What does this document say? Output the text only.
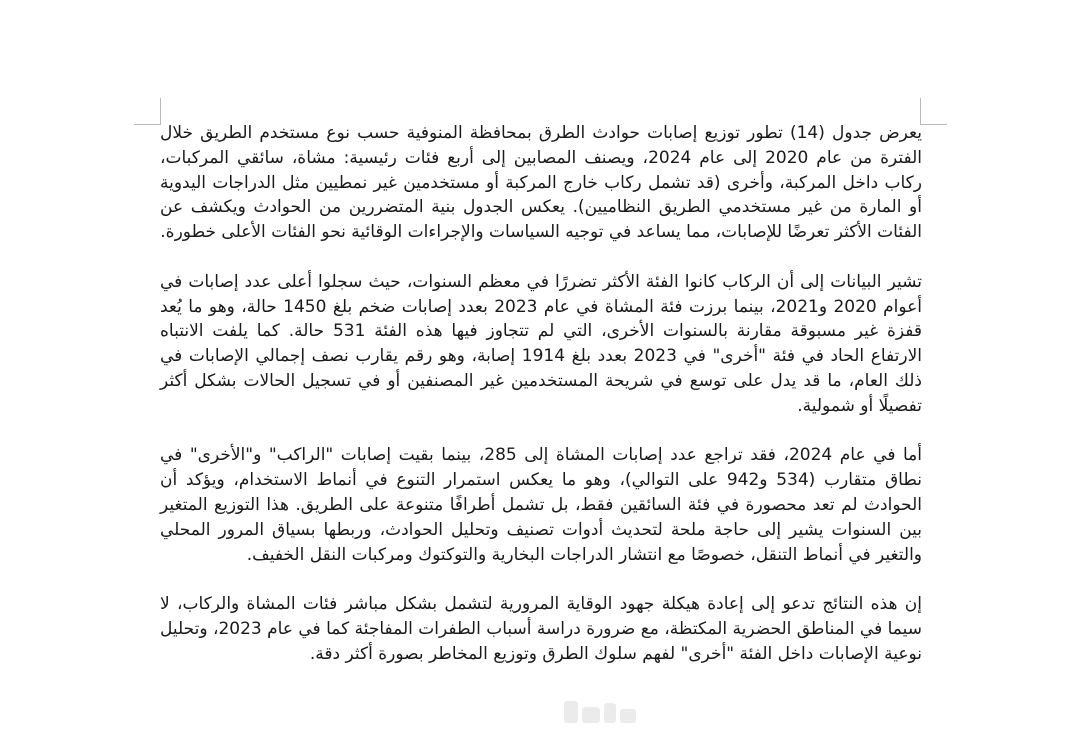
يعرض جدول (14) تطور توزيع إصابات حوادث الطرق بمحافظة المنوفية حسب نوع مستخدم الطريق خلال الفترة من عام 2020 إلى عام 2024، ويصنف المصابين إلى أربع فئات رئيسية: مشاة، سائقي المركبات، ركاب داخل المركبة، وأخرى (قد تشمل ركاب خارج المركبة أو مستخدمين غير نمطيين مثل الدراجات اليدوية أو المارة من غير مستخدمي الطريق النظاميين). يعكس الجدول بنية المتضررين من الحوادث ويكشف عن الفئات الأكثر تعرضًا للإصابات، مما يساعد في توجيه السياسات والإجراءات الوقائية نحو الفئات الأعلى خطورة.

تشير البيانات إلى أن الركاب كانوا الفئة الأكثر تضررًا في معظم السنوات، حيث سجلوا أعلى عدد إصابات في أعوام 2020 و2021، بينما برزت فئة المشاة في عام 2023 بعدد إصابات ضخم بلغ 1450 حالة، وهو ما يُعد قفزة غير مسبوقة مقارنة بالسنوات الأخرى، التي لم تتجاوز فيها هذه الفئة 531 حالة. كما يلفت الانتباه الارتفاع الحاد في فئة "أخرى" في 2023 بعدد بلغ 1914 إصابة، وهو رقم يقارب نصف إجمالي الإصابات في ذلك العام، ما قد يدل على توسع في شريحة المستخدمين غير المصنفين أو في تسجيل الحالات بشكل أكثر تفصيلًا أو شمولية.

أما في عام 2024، فقد تراجع عدد إصابات المشاة إلى 285، بينما بقيت إصابات "الراكب" و"الأخرى" في نطاق متقارب (534 و942 على التوالي)، وهو ما يعكس استمرار التنوع في أنماط الاستخدام، ويؤكد أن الحوادث لم تعد محصورة في فئة السائقين فقط، بل تشمل أطرافًا متنوعة على الطريق. هذا التوزيع المتغير بين السنوات يشير إلى حاجة ملحة لتحديث أدوات تصنيف وتحليل الحوادث، وربطها بسياق المرور المحلي والتغير في أنماط التنقل، خصوصًا مع انتشار الدراجات البخارية والتوكتوك ومركبات النقل الخفيف.

إن هذه النتائج تدعو إلى إعادة هيكلة جهود الوقاية المرورية لتشمل بشكل مباشر فئات المشاة والركاب، لا سيما في المناطق الحضرية المكتظة، مع ضرورة دراسة أسباب الطفرات المفاجئة كما في عام 2023، وتحليل نوعية الإصابات داخل الفئة "أخرى" لفهم سلوك الطرق وتوزيع المخاطر بصورة أكثر دقة.
